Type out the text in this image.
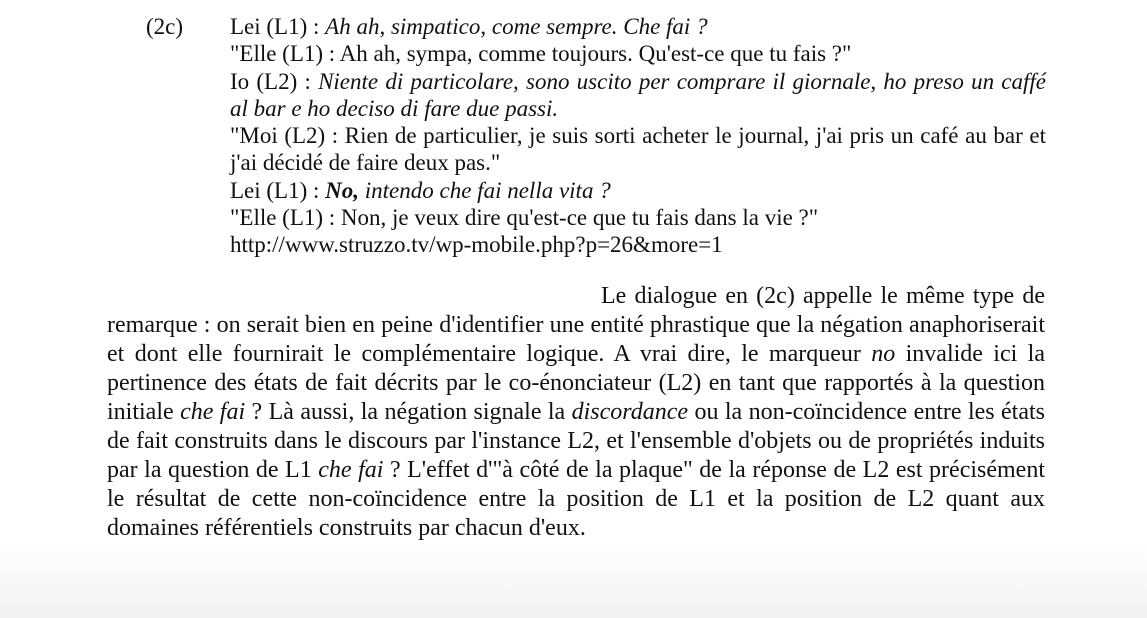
(2c) Lei (L1) : Ah ah, simpatico, come sempre. Che fai ?
"Elle (L1) : Ah ah, sympa, comme toujours. Qu'est-ce que tu fais ?"
Io (L2) : Niente di particolare, sono uscito per comprare il giornale, ho preso un caffé al bar e ho deciso di fare due passi.
"Moi (L2) : Rien de particulier, je suis sorti acheter le journal, j'ai pris un café au bar et j'ai décidé de faire deux pas."
Lei (L1) : No, intendo che fai nella vita ?
"Elle (L1) : Non, je veux dire qu'est-ce que tu fais dans la vie ?"
http://www.struzzo.tv/wp-mobile.php?p=26&more=1
Le dialogue en (2c) appelle le même type de remarque : on serait bien en peine d'identifier une entité phrastique que la négation anaphoriserait et dont elle fournirait le complémentaire logique. A vrai dire, le marqueur no invalide ici la pertinence des états de fait décrits par le co-énonciateur (L2) en tant que rapportés à la question initiale che fai ? Là aussi, la négation signale la discordance ou la non-coïncidence entre les états de fait construits dans le discours par l'instance L2, et l'ensemble d'objets ou de propriétés induits par la question de L1 che fai ? L'effet d'"à côté de la plaque" de la réponse de L2 est précisément le résultat de cette non-coïncidence entre la position de L1 et la position de L2 quant aux domaines référentiels construits par chacun d'eux.
